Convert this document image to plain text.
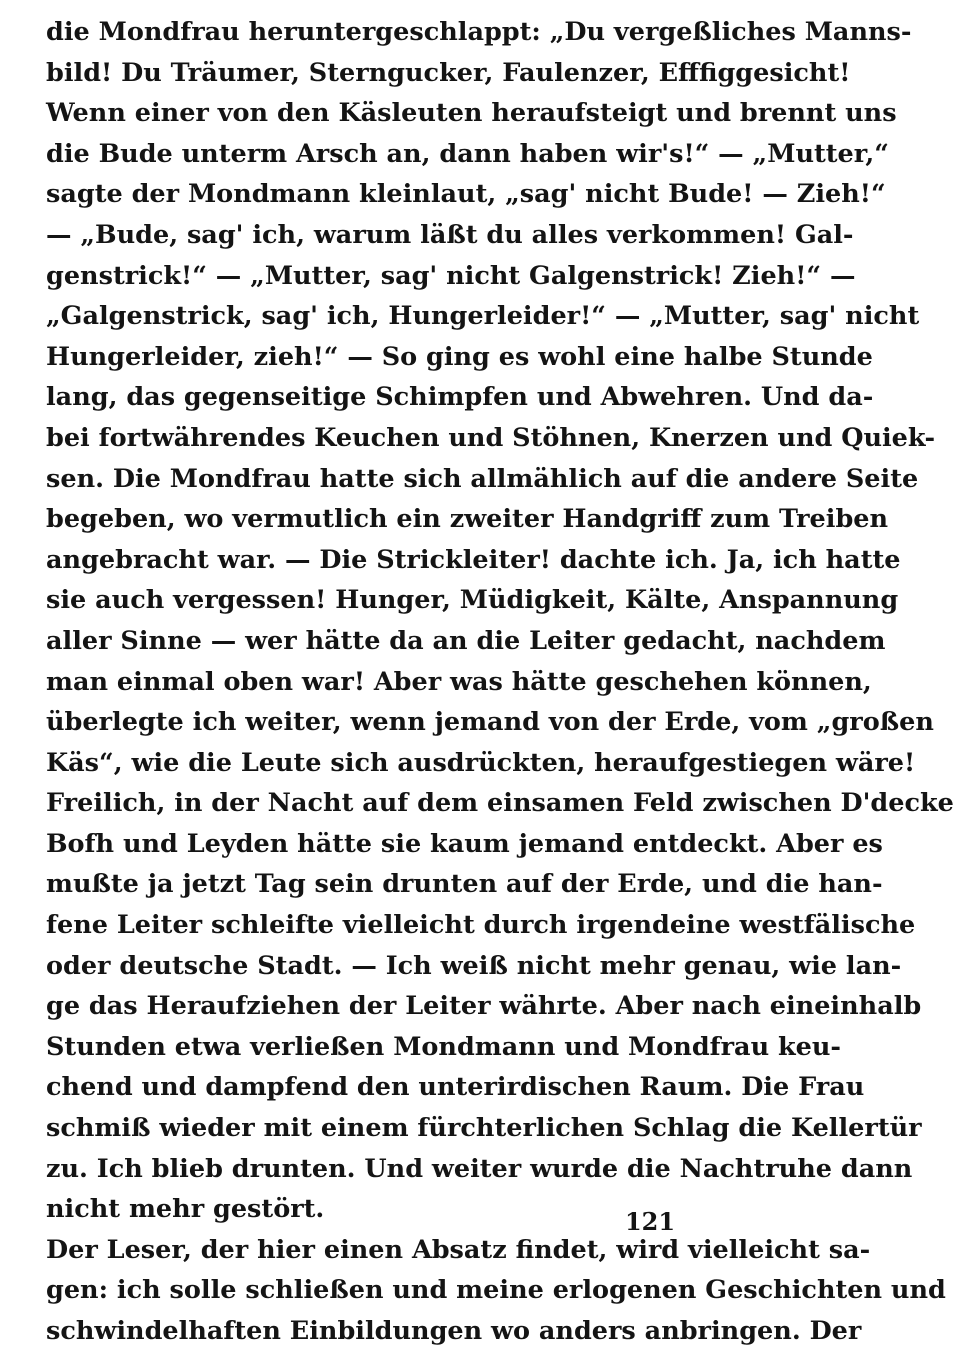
die Mondfrau heruntergeschlappt: „Du vergeßliches Manns-
bild! Du Träumer, Sterngucker, Faulenzer, Efffiggesicht!
Wenn einer von den Käsleuten heraufsteigt und brennt uns
die Bude unterm Arsch an, dann haben wir's!“ — „Mutter,“
sagte der Mondmann kleinlaut, „sag' nicht Bude! — Zieh!“
— „Bude, sag' ich, warum läßt du alles verkommen! Gal-
genstrick!“ — „Mutter, sag' nicht Galgenstrick! Zieh!“ —
„Galgenstrick, sag' ich, Hungerleider!“ — „Mutter, sag' nicht
Hungerleider, zieh!“ — So ging es wohl eine halbe Stunde
lang, das gegenseitige Schimpfen und Abwehren. Und da-
bei fortwährendes Keuchen und Stöhnen, Knerzen und Quiek-
sen. Die Mondfrau hatte sich allmählich auf die andere Seite
begeben, wo vermutlich ein zweiter Handgriff zum Treiben
angebracht war. — Die Strickleiter! dachte ich. Ja, ich hatte
sie auch vergessen! Hunger, Müdigkeit, Kälte, Anspannung
aller Sinne — wer hätte da an die Leiter gedacht, nachdem
man einmal oben war! Aber was hätte geschehen können,
überlegte ich weiter, wenn jemand von der Erde, vom „großen
Käs“, wie die Leute sich ausdrückten, heraufgestiegen wäre!
Freilich, in der Nacht auf dem einsamen Feld zwischen D'decke
Bofh und Leyden hätte sie kaum jemand entdeckt. Aber es
mußte ja jetzt Tag sein drunten auf der Erde, und die han-
fene Leiter schleifte vielleicht durch irgendeine westfälische
oder deutsche Stadt. — Ich weiß nicht mehr genau, wie lan-
ge das Heraufziehen der Leiter währte. Aber nach eineinhalb
Stunden etwa verließen Mondmann und Mondfrau keu-
chend und dampfend den unterirdischen Raum. Die Frau
schmiß wieder mit einem fürchterlichen Schlag die Kellertür
zu. Ich blieb drunten. Und weiter wurde die Nachtruhe dann
nicht mehr gestört.
Der Leser, der hier einen Absatz findet, wird vielleicht sa-
gen: ich solle schließen und meine erlogenen Geschichten und
schwindelhaften Einbildungen wo anders anbringen. Der
121
